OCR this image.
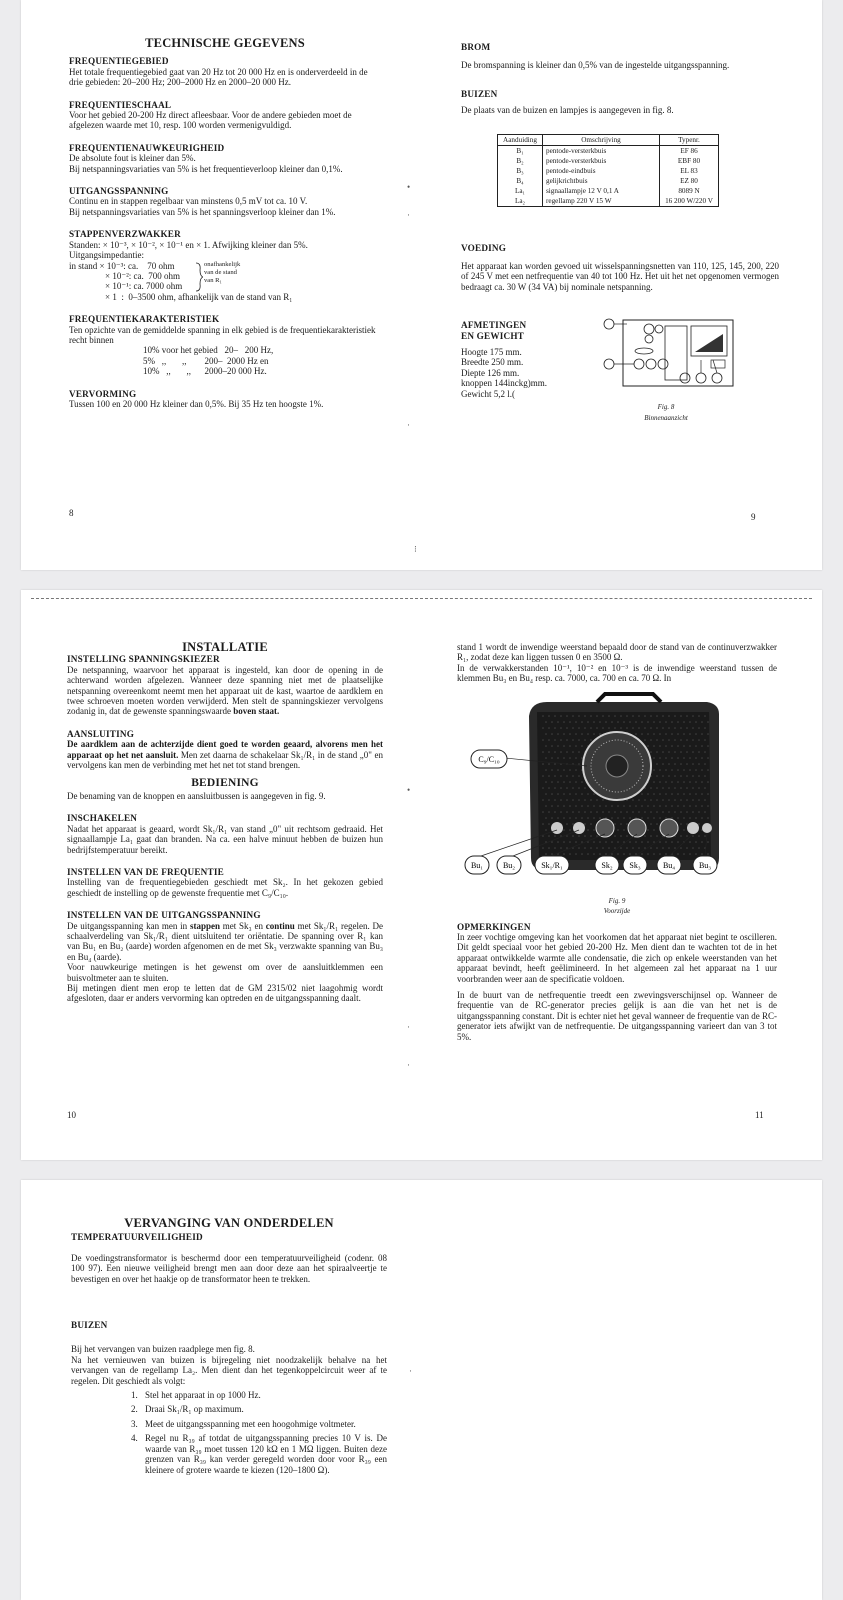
TECHNISCHE GEGEVENS
FREQUENTIEGEBIED

Het totale frequentiegebied gaat van 20 Hz tot 20 000 Hz en is onderverdeeld in de drie gebieden: 20–200 Hz; 200–2000 Hz en 2000–20 000 Hz.

FREQUENTIESCHAAL

Voor het gebied 20-200 Hz direct afleesbaar. Voor de andere gebieden moet de afgelezen waarde met 10, resp. 100 worden vermenigvuldigd.

FREQUENTIENAUWKEURIGHEID

De absolute fout is kleiner dan 5%.

Bij netspanningsvariaties van 5% is het frequentieverloop kleiner dan 0,1%.

UITGANGSSPANNING

Continu en in stappen regelbaar van minstens 0,5 mV tot ca. 10 V.

Bij netspanningsvariaties van 5% is het spanningsverloop kleiner dan 1%.

STAPPENVERZWAKKER

Standen: × 10⁻³, × 10⁻², × 10⁻¹ en × 1. Afwijking kleiner dan 5%.

Uitgangsimpedantie:

in stand × 10⁻³: ca.    70 ohm

× 10⁻²: ca.  700 ohm

× 10⁻¹: ca. 7000 ohm

× 1  :  0–3500 ohm, afhankelijk van de stand van R₁

onafhankelijk
van de stand
van R₁
FREQUENTIEKARAKTERISTIEK

Ten opzichte van de gemiddelde spanning in elk gebied is de frequentiekarakteristiek recht binnen

10% voor het gebied   20–   200 Hz,

5%   ,,       ,,        200–  2000 Hz en

10%   ,,       ,,      2000–20 000 Hz.

VERVORMING

Tussen 100 en 20 000 Hz kleiner dan 0,5%. Bij 35 Hz ten hoogste 1%.

8
•
·
·
BROM

De bromspanning is kleiner dan 0,5% van de ingestelde uitgangsspanning.

BUIZEN

De plaats van de buizen en lampjes is aangegeven in fig. 8.

Aanduiding	Omschrijving	Typenr.
B₁	pentode-versterkbuis	EF 86
B₂	pentode-versterkbuis	EBF 80
B₃	pentode-eindbuis	EL 83
B₄	gelijkrichtbuis	EZ 80
La₁	signaallampje 12 V 0,1 A	8089 N
La₂	regellamp 220 V 15 W	16 200 W/220 V
VOEDING

Het apparaat kan worden gevoed uit wisselspanningsnetten van 110, 125, 145, 200, 220 of 245 V met een netfrequentie van 40 tot 100 Hz. Het uit het net opgenomen vermogen bedraagt ca. 30 W (34 VA) bij nominale netspanning.

AFMETINGEN
EN GEWICHT

Hoogte 175 mm.

Breedte 250 mm.

Diepte 126 mm.

knoppen 144inckg)mm.

Gewicht 5,2 l.(

Fig. 8
Binnenaanzicht
9
⁝
INSTALLATIE
INSTELLING SPANNINGSKIEZER

De netspanning, waarvoor het apparaat is ingesteld, kan door de opening in de achterwand worden afgelezen. Wanneer deze spanning niet met de plaatselijke netspanning overeenkomt neemt men het apparaat uit de kast, waartoe de aardklem en twee schroeven moeten worden verwijderd. Men stelt de spanningskiezer vervolgens zodanig in, dat de gewenste spanningswaarde boven staat.

AANSLUITING

De aardklem aan de achterzijde dient goed te worden geaard, alvorens men het apparaat op het net aansluit. Men zet daarna de schakelaar Sk₁/R₁ in de stand „0" en vervolgens kan men de verbinding met het net tot stand brengen.

BEDIENING

De benaming van de knoppen en aansluitbussen is aangegeven in fig. 9.

INSCHAKELEN

Nadat het apparaat is geaard, wordt Sk₁/R₁ van stand „0" uit rechtsom gedraaid. Het signaallampje La₁ gaat dan branden. Na ca. een halve minuut hebben de buizen hun bedrijfstemperatuur bereikt.

INSTELLEN VAN DE FREQUENTIE

Instelling van de frequentiegebieden geschiedt met Sk₂. In het gekozen gebied geschiedt de instelling op de gewenste frequentie met C₉/C₁₀.

INSTELLEN VAN DE UITGANGSSPANNING

De uitgangsspanning kan men in stappen met Sk₃ en continu met Sk₁/R₁ regelen. De schaalverdeling van Sk₁/R₁ dient uitsluitend ter oriëntatie. De spanning over R₁ kan van Bu₁ en Bu₂ (aarde) worden afgenomen en de met Sk₃ verzwakte spanning van Bu₃ en Bu₄ (aarde).

Voor nauwkeurige metingen is het gewenst om over de aansluitklemmen een buisvoltmeter aan te sluiten.

Bij metingen dient men erop te letten dat de GM 2315/02 niet laagohmig wordt afgesloten, daar er anders vervorming kan optreden en de uitgangsspanning daalt.

10
•
·
·

stand 1 wordt de inwendige weerstand bepaald door de stand van de continuverzwakker R₁, zodat deze kan liggen tussen 0 en 3500 Ω.

In de verwakkerstanden 10⁻¹, 10⁻² en 10⁻³ is de inwendige weerstand tussen de klemmen Bu₃ en Bu₄ resp. ca. 7000, ca. 700 en ca. 70 Ω. In

C₉/C₁₀
Bu₁ Bu₂	Sk₁/R₁	Sk₂ Sk₃	Bu₄	Bu₃
Fig. 9
Voorzijde
OPMERKINGEN

In zeer vochtige omgeving kan het voorkomen dat het apparaat niet begint te oscilleren. Dit geldt speciaal voor het gebied 20-200 Hz. Men dient dan te wachten tot de in het apparaat ontwikkelde warmte alle condensatie, die zich op enkele weerstanden van het apparaat bevindt, heeft geëlimineerd. In het algemeen zal het apparaat na 1 uur voorbranden weer aan de specificatie voldoen.

In de buurt van de netfrequentie treedt een zwevingsverschijnsel op. Wanneer de frequentie van de RC-generator precies gelijk is aan die van het net is de uitgangsspanning constant. Dit is echter niet het geval wanneer de frequentie van de RC-generator iets afwijkt van de netfrequentie. De uitgangsspanning varieert dan van 3 tot 5%.

11
VERVANGING VAN ONDERDELEN
TEMPERATUURVEILIGHEID

De voedingstransformator is beschermd door een temperatuurveiligheid (codenr. 08 100 97). Een nieuwe veiligheid brengt men aan door deze aan het spiraalveertje te bevestigen en over het haakje op de transformator heen te trekken.

BUIZEN

Bij het vervangen van buizen raadplege men fig. 8.

Na het vernieuwen van buizen is bijregeling niet noodzakelijk behalve na het vervangen van de regellamp La₂. Men dient dan het tegenkoppelcircuit weer af te regelen. Dit geschiedt als volgt:

1. Stel het apparaat in op 1000 Hz.
2. Draai Sk₁/R₁ op maximum.
3. Meet de uitgangsspanning met een hoogohmige voltmeter.
4. Regel nu R₃₉ af totdat de uitgangsspanning precies 10 V is. De waarde van R₃₉ moet tussen 120 kΩ en 1 MΩ liggen. Buiten deze grenzen van R₃₉ kan verder geregeld worden door voor R₃₉ een kleinere of grotere waarde te kiezen (120–1800 Ω).
·
